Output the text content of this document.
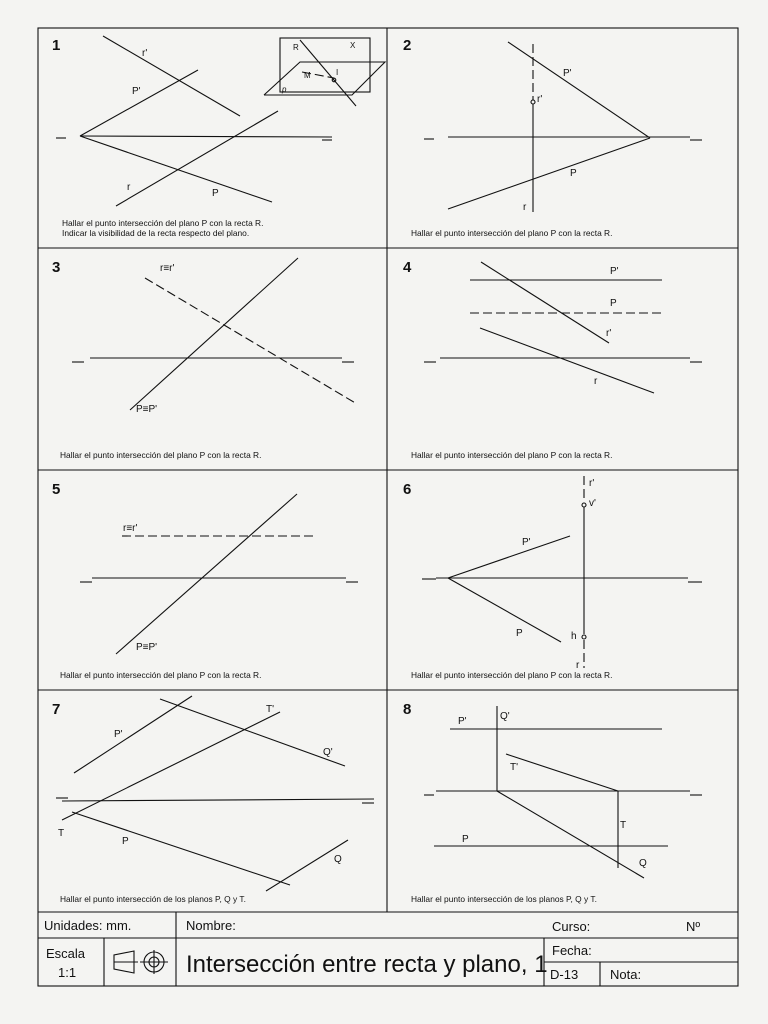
1	r'
P'
r
P
R	X
M	I
p
Hallar el punto intersección del plano P con la recta R.
Indicar la visibilidad de la recta respecto del plano.
2
P'
r'
P
r
Hallar el punto intersección del plano P con la recta R.
3	r≡r'
P≡P'
Hallar el punto intersección del plano P con la recta R.
4	P'
P
r'
r
Hallar el punto intersección del plano P con la recta R.
5
r≡r'
P≡P'
Hallar el punto intersección del plano P con la recta R.
6	r'
v'
P'
P	h
r
Hallar el punto intersección del plano P con la recta R.
7
P'
T'
Q'
T
P
Q
Hallar el punto intersección de los planos P, Q y T.
8
P'	Q'
T'
T
P
Q
Hallar el punto intersección de los planos P, Q y T.
Unidades: mm.	Nombre:	Curso:	Nº
Escala
1:1	Intersección entre recta y plano, 1
Fecha:
D-13 Nota:
